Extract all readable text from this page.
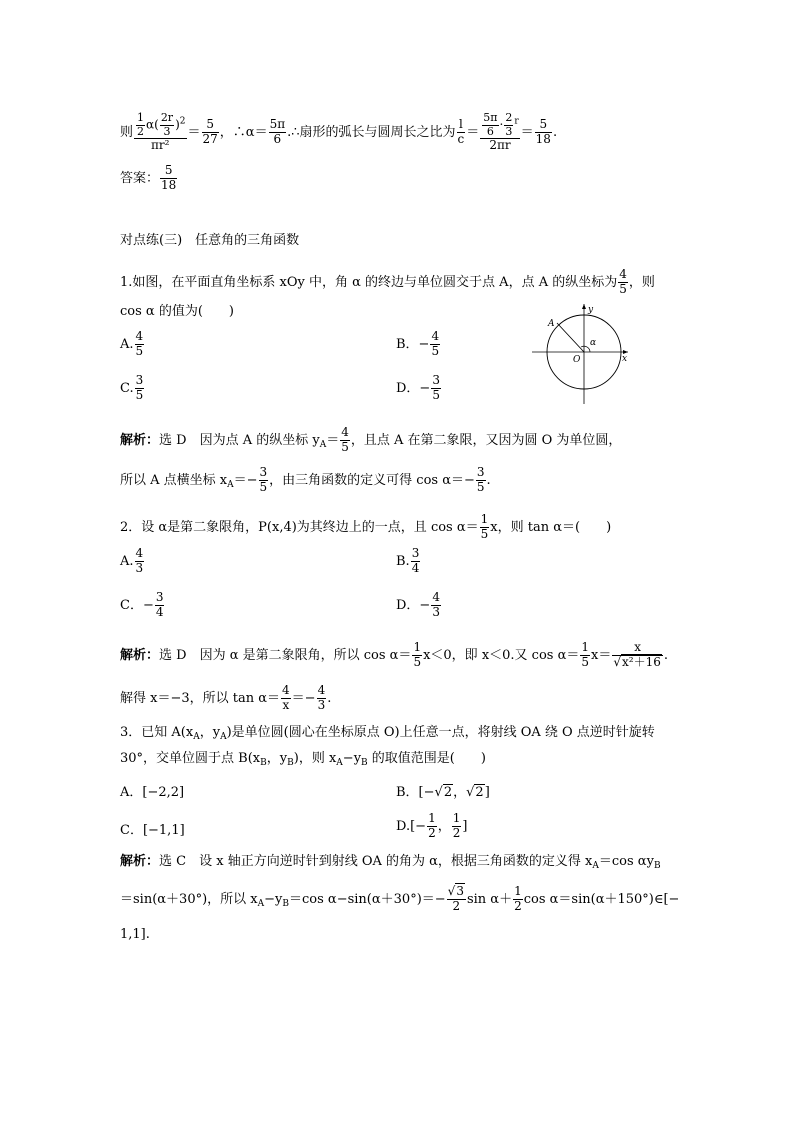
则 $\frac{\frac{1}{2} \alpha( \frac{2r}{3} )^2}{\text{πr²}} = \frac{5}{27}$ ，∴α＝ $\frac{5\pi}{6}$ .∴扇形的弧长与圆周长之比为 $\frac{l}{c} = \frac{\frac{5\pi}{6} \cdot \frac{2}{3} ^r}{2\pi r} = \frac{5}{18}$ .
答案： $\frac{5}{18}$
对点练(三)　任意角的三角函数
1.如图，在平面直角坐标系 xOy 中，角 α 的终边与单位圆交于点 A，点 A 的纵坐标为 $\frac{4}{5}$ ，则
cos α 的值为(　　)
A. $\frac{4}{5}$	B．− $\frac{4}{5}$
C. $\frac{3}{5}$	D．− $\frac{3}{5}$
A
y
α
O	x
解析：选 D　因为点 A 的纵坐标 $y_A= \frac{4}{5}$ ，且点 A 在第二象限，又因为圆 O 为单位圆，
所以 A 点横坐标 $x_A=- \frac{3}{5}$ ，由三角函数的定义可得 $\cos \alpha=- \frac{3}{5}$ .
2．设 α是第二象限角，P(x,4)为其终边上的一点，且 $\cos \alpha= \frac{1}{5}$ x，则 tan α＝(　　)
A. $\frac{4}{3}$	B. $\frac{3}{4}$
C．− $\frac{3}{4}$	D．− $\frac{4}{3}$
解析：选 D　因为 α 是第二象限角，所以 $\cos \alpha= \frac{1}{5} x<0$，即 x＜0.又 $\cos \alpha= \frac{1}{5} x= \frac{x}{\text{√x²＋16}}$ .
解得 x＝−3，所以 $\tan \alpha= \frac{4}{x} =- \frac{4}{3}$ .
3．已知 $A(x_A$，$y_A$)是单位圆(圆心在坐标原点 O)上任意一点，将射线 OA 绕 O 点逆时针旋转
30°，交单位圆于点 $B(x_B$，$y_B$)，则 $x_A-y_B$ 的取值范围是(　　)
A．[−2,2]	B．[−√2，√2]
C．[−1,1]	$D.[- \frac{1}{2}$ ， $\frac{1}{2}$ ]
解析：选 C　设 x 轴正方向逆时针到射线 OA 的角为 α，根据三角函数的定义得 $x_A=\cos$ $\alpha y_B$
＝sin(α＋30°)，所以 $x_A-y_B=\cos$ $\alpha-\sin(\alpha+30^\circ)=- \frac{√3}{2}$ $\sin \alpha+ \frac{1}{2}$ cos α＝sin(α＋150°)∈[−
1,1].
